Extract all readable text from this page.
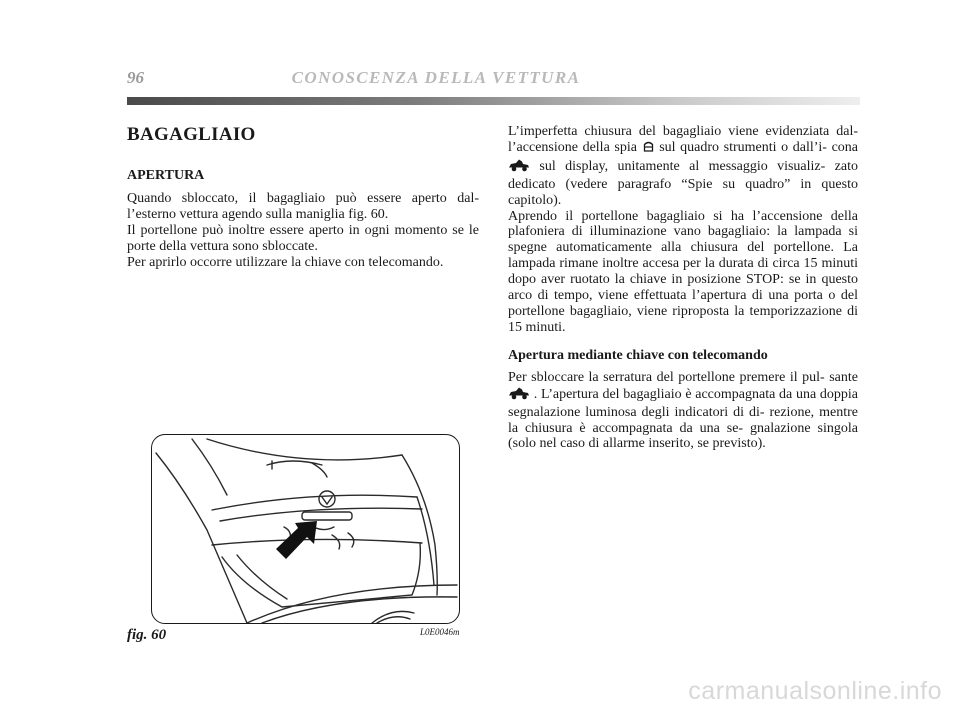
96	CONOSCENZA DELLA VETTURA
BAGAGLIAIO
APERTURA

Quando sbloccato, il bagagliaio può essere aperto dal- l’esterno vettura agendo sulla maniglia fig. 60.

Il portellone può inoltre essere aperto in ogni momento se le porte della vettura sono sbloccate.

Per aprirlo occorre utilizzare la chiave con telecomando.

L’imperfetta chiusura del bagagliaio viene evidenziata dal- l’accensione della spia sul quadro strumenti o dall’i- cona  sul display, unitamente al messaggio visualiz- zato dedicato (vedere paragrafo “Spie su quadro” in questo capitolo).

Aprendo il portellone bagagliaio si ha l’accensione della plafoniera di illuminazione vano bagagliaio: la lampada si spegne automaticamente alla chiusura del portellone. La lampada rimane inoltre accesa per la durata di circa 15 minuti dopo aver ruotato la chiave in posizione STOP: se in questo arco di tempo, viene effettuata l’apertura di una porta o del portellone bagagliaio, viene riproposta la temporizzazione di 15 minuti.

Apertura mediante chiave con telecomando

Per sbloccare la serratura del portellone premere il pul- sante  . L’apertura del bagagliaio è accompagnata da una doppia segnalazione luminosa degli indicatori di di- rezione, mentre la chiusura è accompagnata da una se- gnalazione singola (solo nel caso di allarme inserito, se previsto).

fig. 60	L0E0046m
carmanualsonline.info
